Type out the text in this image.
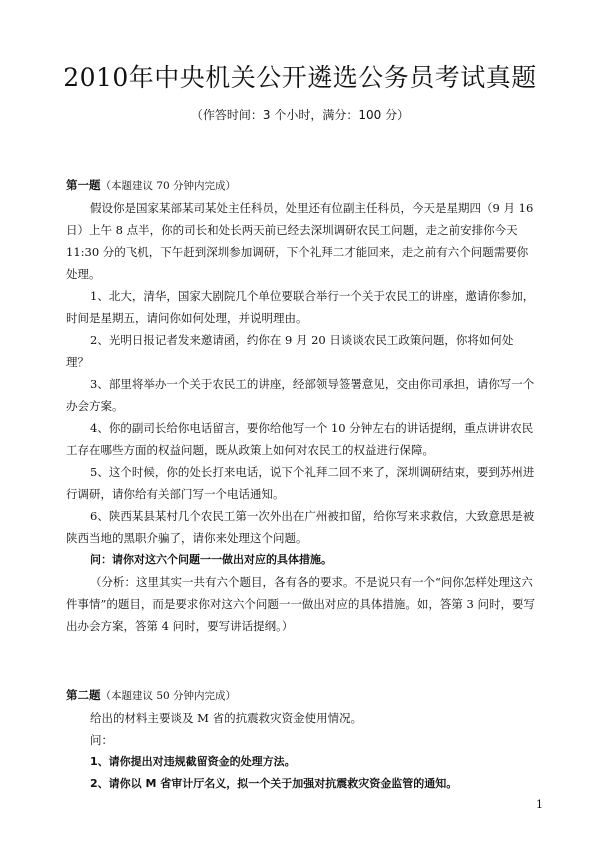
2010年中央机关公开遴选公务员考试真题
（作答时间：3 个小时，满分：100 分）

第一题（本题建议 70 分钟内完成）

假设你是国家某部某司某处主任科员，处里还有位副主任科员，今天是星期四（9 月 16 日）上午 8 点半，你的司长和处长两天前已经去深圳调研农民工问题，走之前安排你今天 11:30 分的飞机，下午赶到深圳参加调研，下个礼拜二才能回来，走之前有六个问题需要你处理。

1、北大，清华，国家大剧院几个单位要联合举行一个关于农民工的讲座，邀请你参加，时间是星期五，请问你如何处理，并说明理由。

2、光明日报记者发来邀请函，约你在 9 月 20 日谈谈农民工政策问题，你将如何处理？

3、部里将举办一个关于农民工的讲座，经部领导签署意见，交由你司承担，请你写一个办会方案。

4、你的副司长给你电话留言，要你给他写一个 10 分钟左右的讲话提纲，重点讲讲农民工存在哪些方面的权益问题，既从政策上如何对农民工的权益进行保障。

5、这个时候，你的处长打来电话，说下个礼拜二回不来了，深圳调研结束，要到苏州进行调研，请你给有关部门写一个电话通知。

6、陕西某县某村几个农民工第一次外出在广州被扣留，给你写来求救信，大致意思是被陕西当地的黑职介骗了，请你来处理这个问题。

问：请你对这六个问题一一做出对应的具体措施。

（分析：这里其实一共有六个题目，各有各的要求。不是说只有一个“问你怎样处理这六件事情”的题目，而是要求你对这六个问题一一做出对应的具体措施。如，答第 3 问时，要写出办会方案，答第 4 问时，要写讲话提纲。）

第二题（本题建议 50 分钟内完成）

给出的材料主要谈及 M 省的抗震救灾资金使用情况。

问：

1、请你提出对违规截留资金的处理方法。

2、请你以 M 省审计厅名义，拟一个关于加强对抗震救灾资金监管的通知。

1
